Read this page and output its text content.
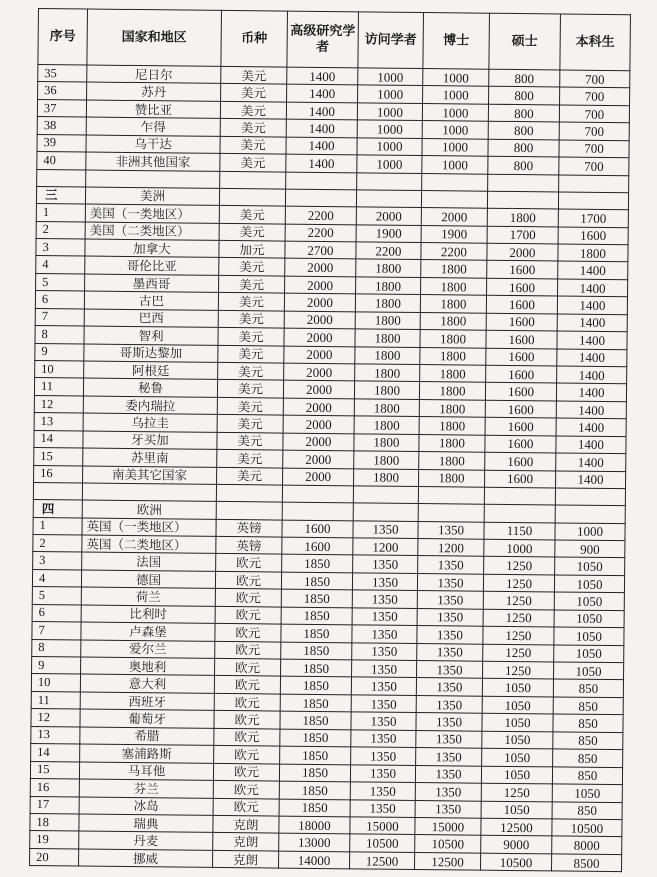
序号	国家和地区	币种	高级研究学者	访问学者	博士	硕士	本科生
35	尼日尔	美元	1400	1000	1000	800	700
36	苏丹	美元	1400	1000	1000	800	700
37	赞比亚	美元	1400	1000	1000	800	700
38	乍得	美元	1400	1000	1000	800	700
39	乌干达	美元	1400	1000	1000	800	700
40	非洲其他国家	美元	1400	1000	1000	800	700

三	美洲						
1	美国（一类地区）	美元	2200	2000	2000	1800	1700
2	美国（二类地区）	美元	2200	1900	1900	1700	1600
3	加拿大	加元	2700	2200	2200	2000	1800
4	哥伦比亚	美元	2000	1800	1800	1600	1400
5	墨西哥	美元	2000	1800	1800	1600	1400
6	古巴	美元	2000	1800	1800	1600	1400
7	巴西	美元	2000	1800	1800	1600	1400
8	智利	美元	2000	1800	1800	1600	1400
9	哥斯达黎加	美元	2000	1800	1800	1600	1400
10	阿根廷	美元	2000	1800	1800	1600	1400
11	秘鲁	美元	2000	1800	1800	1600	1400
12	委内瑞拉	美元	2000	1800	1800	1600	1400
13	乌拉圭	美元	2000	1800	1800	1600	1400
14	牙买加	美元	2000	1800	1800	1600	1400
15	苏里南	美元	2000	1800	1800	1600	1400
16	南美其它国家	美元	2000	1800	1800	1600	1400

四	欧洲						
1	英国（一类地区）	英镑	1600	1350	1350	1150	1000
2	英国（二类地区）	英镑	1600	1200	1200	1000	900
3	法国	欧元	1850	1350	1350	1250	1050
4	德国	欧元	1850	1350	1350	1250	1050
5	荷兰	欧元	1850	1350	1350	1250	1050
6	比利时	欧元	1850	1350	1350	1250	1050
7	卢森堡	欧元	1850	1350	1350	1250	1050
8	爱尔兰	欧元	1850	1350	1350	1250	1050
9	奥地利	欧元	1850	1350	1350	1250	1050
10	意大利	欧元	1850	1350	1350	1050	850
11	西班牙	欧元	1850	1350	1350	1050	850
12	葡萄牙	欧元	1850	1350	1350	1050	850
13	希腊	欧元	1850	1350	1350	1050	850
14	塞浦路斯	欧元	1850	1350	1350	1050	850
15	马耳他	欧元	1850	1350	1350	1050	850
16	芬兰	欧元	1850	1350	1350	1250	1050
17	冰岛	欧元	1850	1350	1350	1050	850
18	瑞典	克朗	18000	15000	15000	12500	10500
19	丹麦	克朗	13000	10500	10500	9000	8000
20	挪威	克朗	14000	12500	12500	10500	8500
